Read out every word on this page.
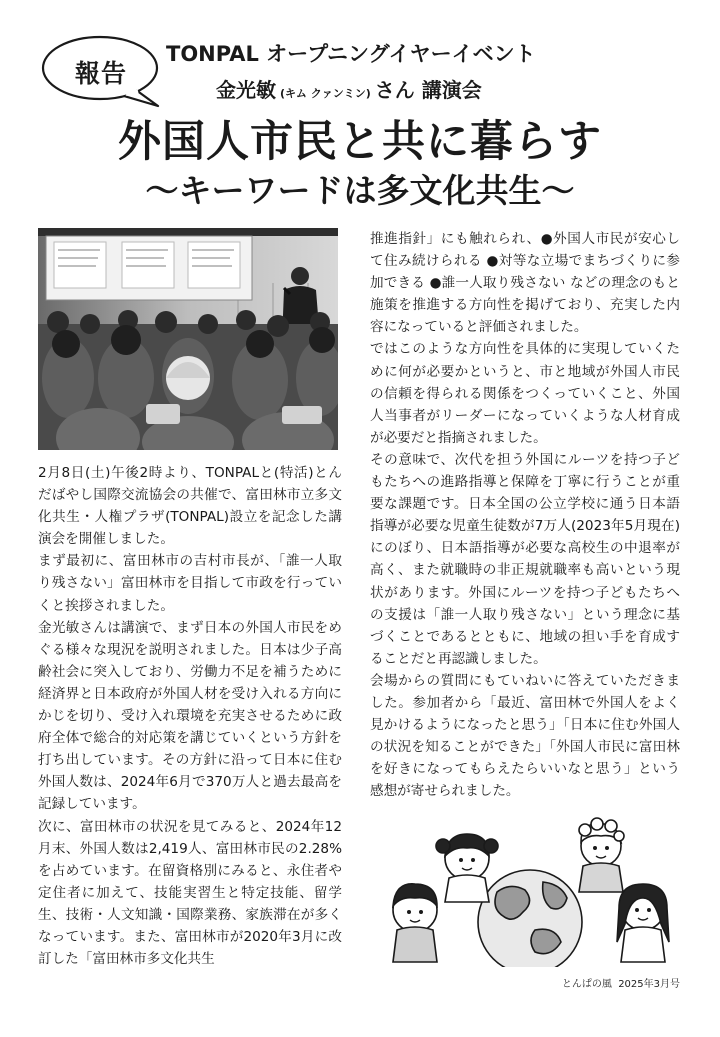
報告
TONPAL オープニングイヤーイベント
金光敏 (キム クァンミン) さん 講演会
外国人市民と共に暮らす
〜キーワードは多文化共生〜

2月8日(土)午後2時より、TONPALと(特活)とんだばやし国際交流協会の共催で、富田林市立多文化共生・人権プラザ(TONPAL)設立を記念した講演会を開催しました。

まず最初に、富田林市の吉村市長が、「誰一人取り残さない」富田林市を目指して市政を行っていくと挨拶されました。

金光敏さんは講演で、まず日本の外国人市民をめぐる様々な現況を説明されました。日本は少子高齢社会に突入しており、労働力不足を補うために経済界と日本政府が外国人材を受け入れる方向にかじを切り、受け入れ環境を充実させるために政府全体で総合的対応策を講じていくという方針を打ち出しています。その方針に沿って日本に住む外国人数は、2024年6月で370万人と過去最高を記録しています。

次に、富田林市の状況を見てみると、2024年12月末、外国人数は2,419人、富田林市民の2.28%を占めています。在留資格別にみると、永住者や定住者に加えて、技能実習生と特定技能、留学生、技術・人文知識・国際業務、家族滞在が多くなっています。また、富田林市が2020年3月に改訂した「富田林市多文化共生

推進指針」にも触れられ、●外国人市民が安心して住み続けられる ●対等な立場でまちづくりに参加できる ●誰一人取り残さない などの理念のもと施策を推進する方向性を掲げており、充実した内容になっていると評価されました。

ではこのような方向性を具体的に実現していくために何が必要かというと、市と地域が外国人市民の信頼を得られる関係をつくっていくこと、外国人当事者がリーダーになっていくような人材育成が必要だと指摘されました。

その意味で、次代を担う外国にルーツを持つ子どもたちへの進路指導と保障を丁寧に行うことが重要な課題です。日本全国の公立学校に通う日本語指導が必要な児童生徒数が7万人(2023年5月現在)にのぼり、日本語指導が必要な高校生の中退率が高く、また就職時の非正規就職率も高いという現状があります。外国にルーツを持つ子どもたちへの支援は「誰一人取り残さない」という理念に基づくことであるとともに、地域の担い手を育成することだと再認識しました。

会場からの質問にもていねいに答えていただきました。参加者から「最近、富田林で外国人をよく見かけるようになったと思う」「日本に住む外国人の状況を知ることができた」「外国人市民に富田林を好きになってもらえたらいいなと思う」という感想が寄せられました。

とんぱの風 2025年3月号
